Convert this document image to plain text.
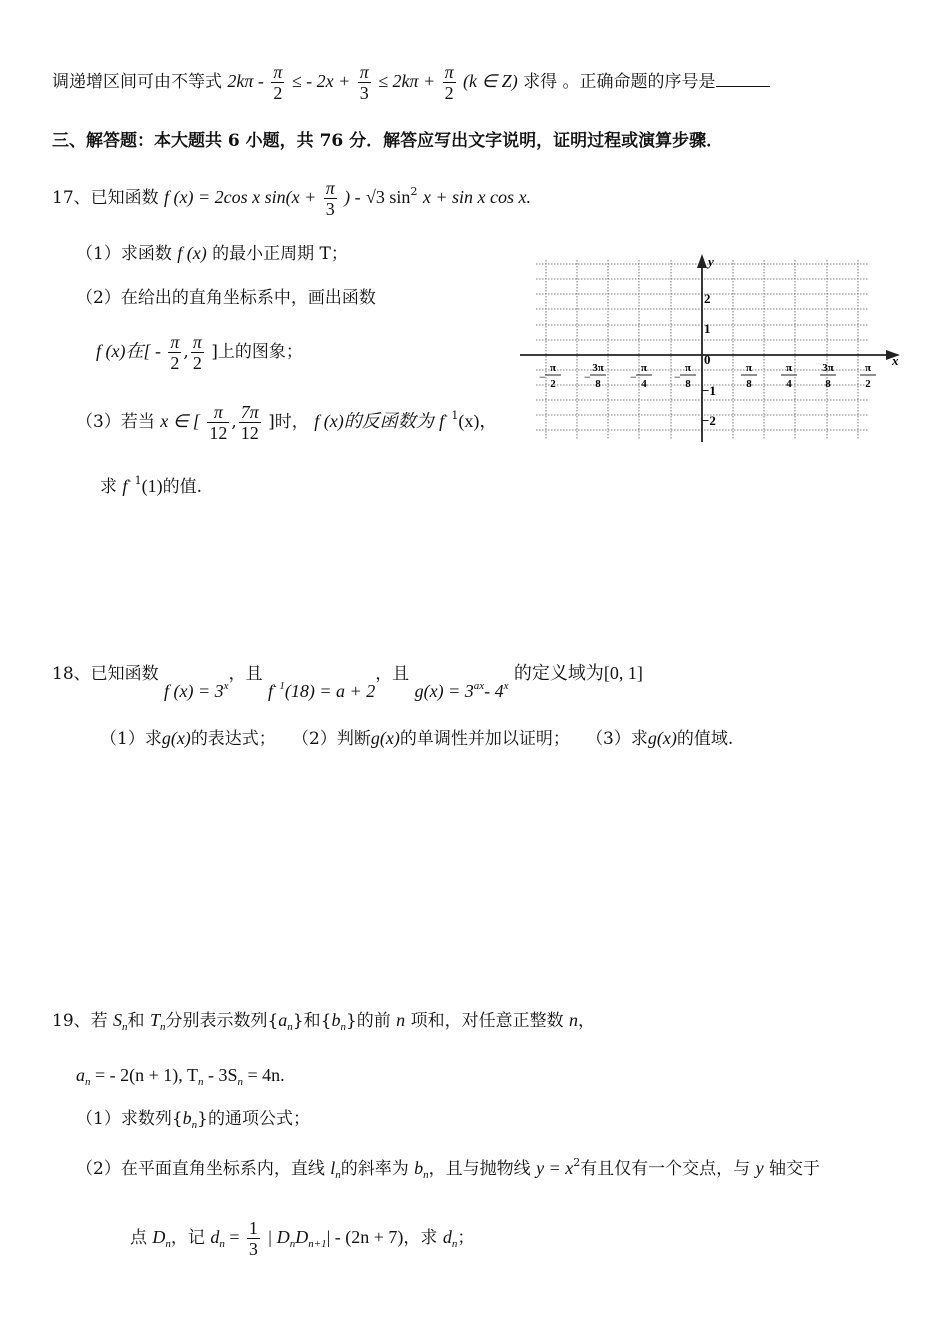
调递增区间可由不等式 $2k\pi - \frac{\pi}{2}$ ≤ - $2x + \frac{\pi}{3} \le 2k\pi + \frac{\pi}{2} (k$ ∈ Z) 求得 。正确命题的序号是
三、解答题：本大题共 6 小题，共 76 分．解答应写出文字说明，证明过程或演算步骤．
17、已知函数 f (x) = 2cos x $\sin(x + \frac{\pi}{3}$ ) - √3 $\sin^2 x + \sin x$ cos x.
（1）求函数 f (x) 的最小正周期 T；
（2）在给出的直角坐标系中，画出函数
f (x)在[ - $\frac{\pi}{2}$ , $\frac{\pi}{2}$ ]上的图象；
（3）若当 x ∈ [ $\frac{\pi}{12}$ , $\frac{7\pi}{12}$ ]时， f (x)的反函数为 $f^{- 1}(x)$，
求 $f^{- 1}(1)$的值.
y
x
0
2
1
−1
−2
−
π
2 −
3π
8 −
π
4 −
π
8
π
8
π
4
3π
8
π
2
18、已知函数 f $(x) = 3^x$，且 $f^{- 1}(18) = a + 2$，且 $g(x) = 3^{ax}-$ 4$^x$ 的定义域为[0, 1]
（1）求g(x)的表达式； （2）判断g(x)的单调性并加以证明； （3）求g(x)的值域.
19、若 $S_n$和 $T_n$分别表示数列$\{a_n\}$和$\{b_n\}$的前 n 项和，对任意正整数 n，
$a_n$ = - 2(n + 1), $T_n - 3S_n = 4n$.
（1）求数列$\{b_n\}$的通项公式；
（2）在平面直角坐标系内，直线 $l_n$的斜率为 $b_n$，且与抛物线 $y = x^2$有且仅有一个交点，与 y 轴交于
点 $D_n$，记 $d_n = \frac{1}{3}$ | $D_nD_{n+1}| - (2n + 7)$，求 $d_n$；
